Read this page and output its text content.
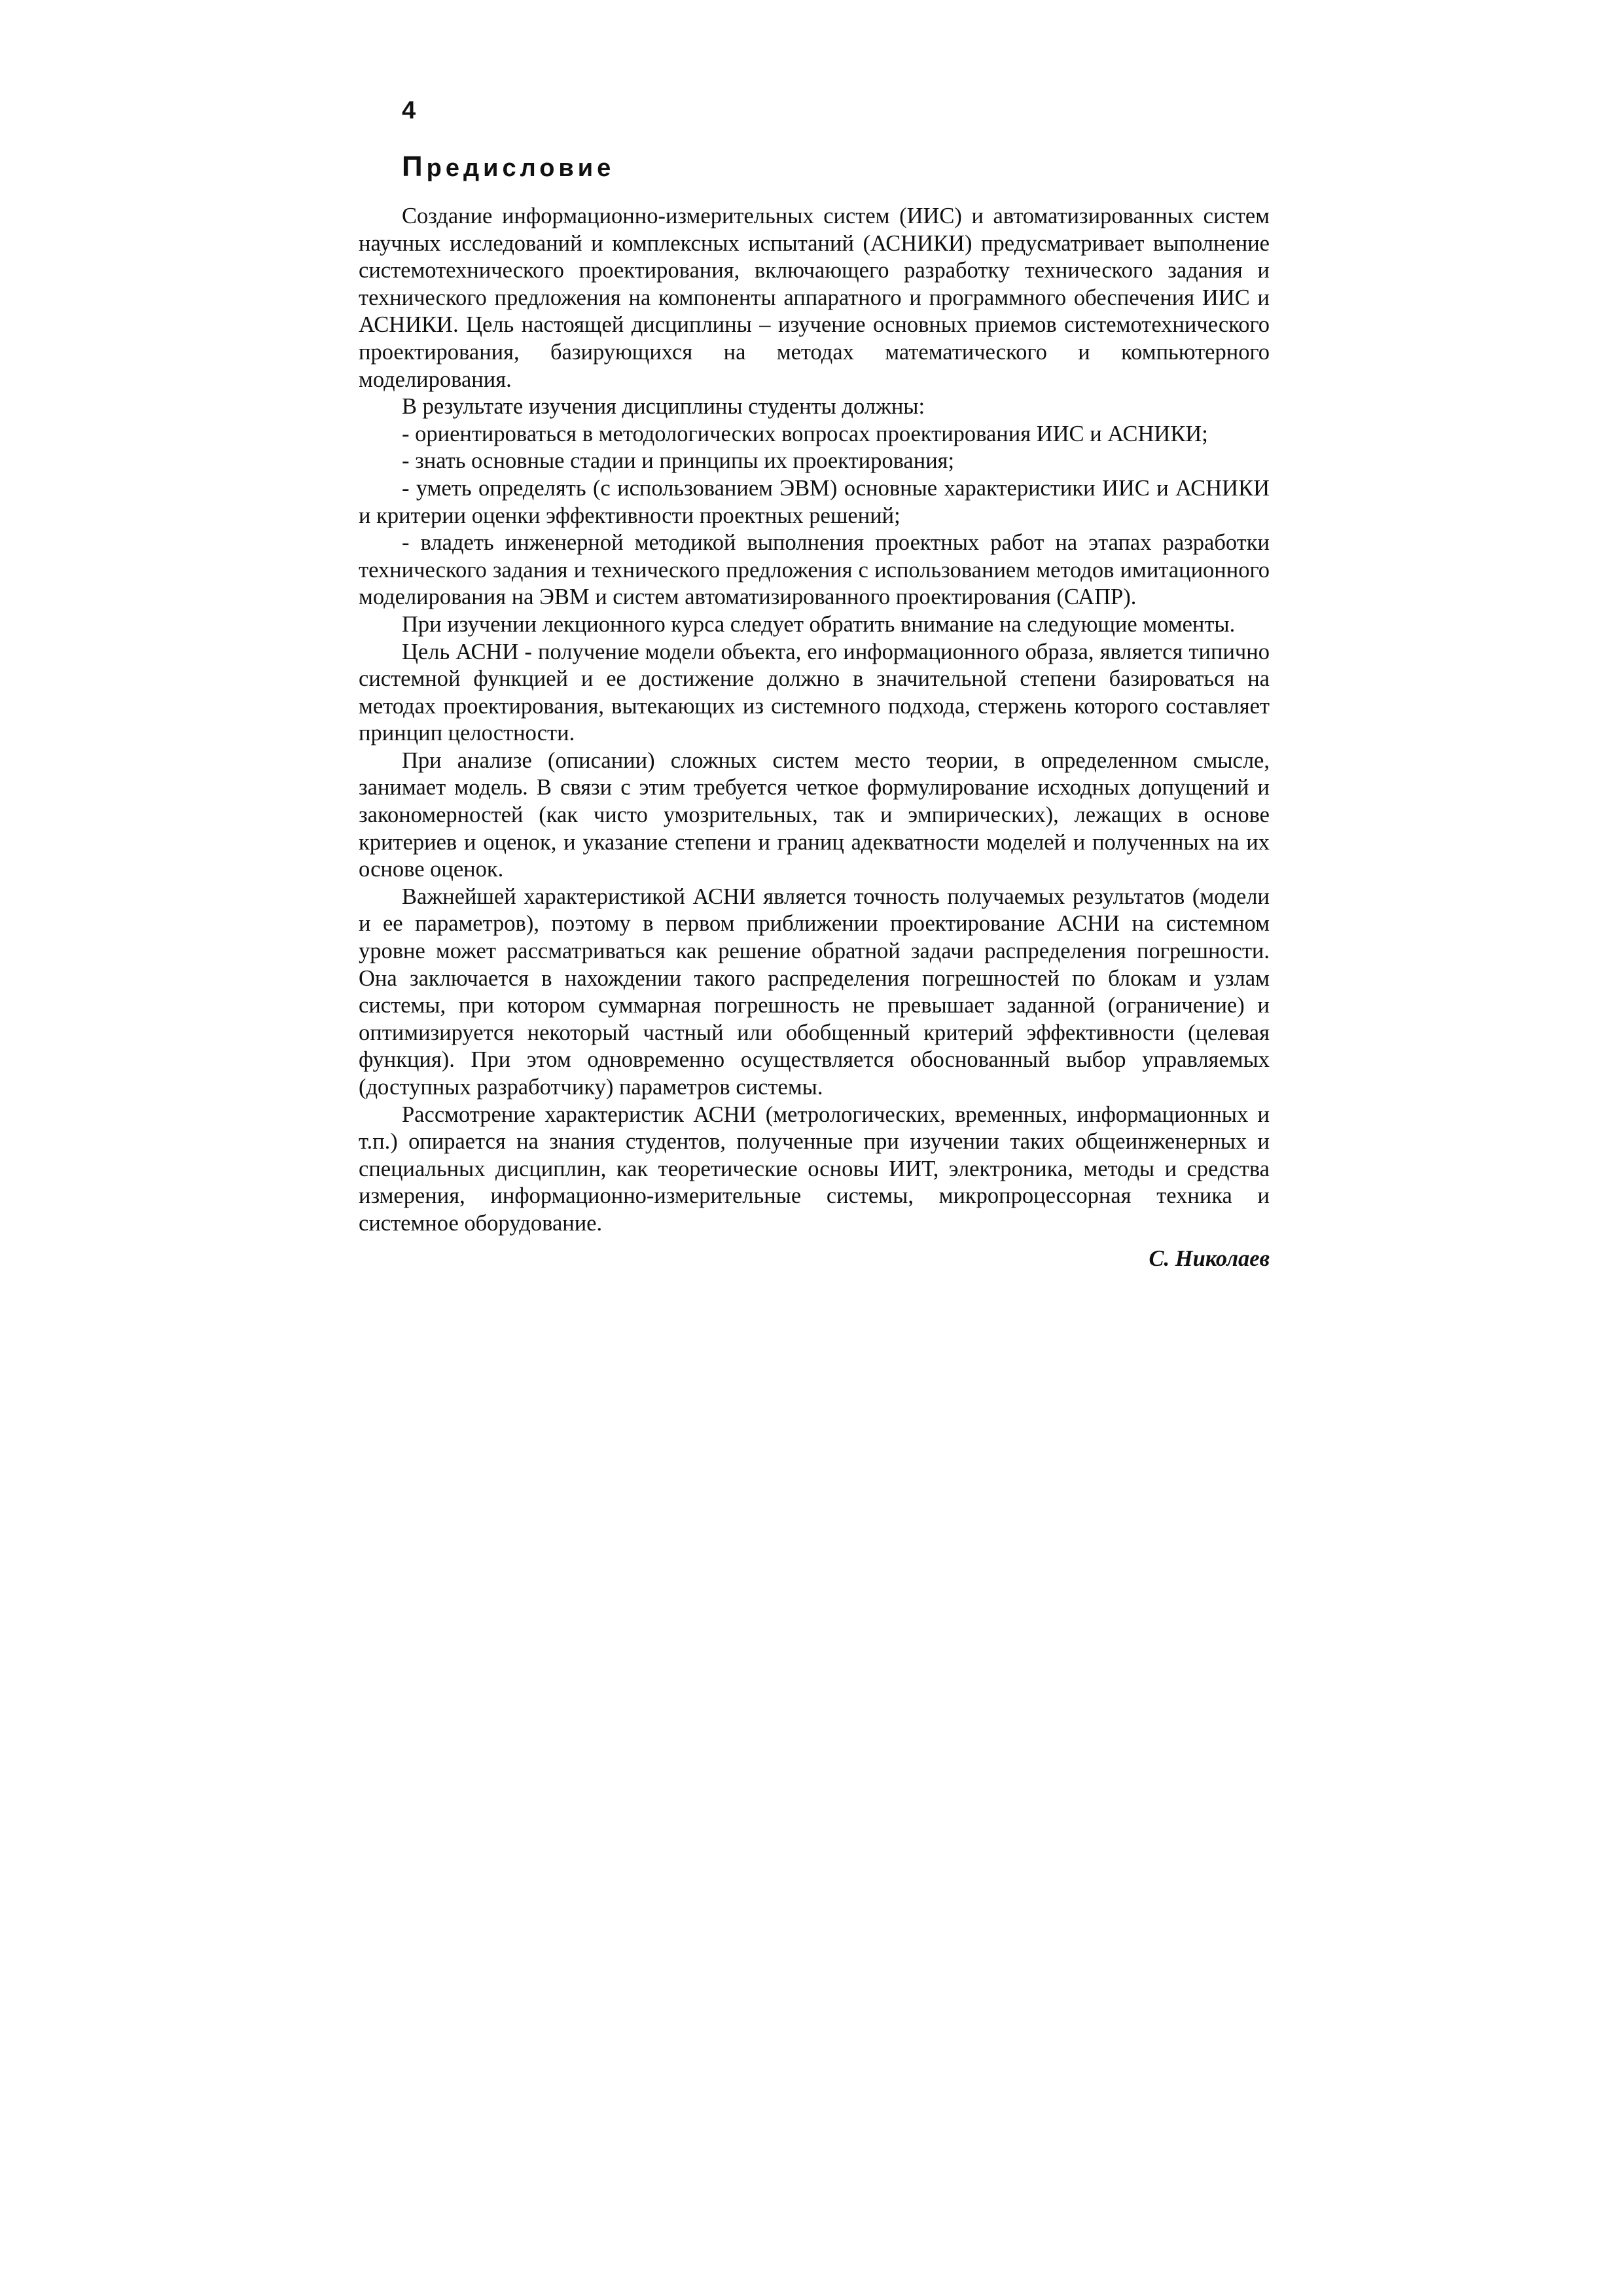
4
Предисловие

Создание информационно-измерительных систем (ИИС) и автоматизированных систем научных исследований и комплексных испытаний (АСНИКИ) предусматривает выполнение системотехнического проектирования, включающего разработку технического задания и технического предложения на компоненты аппаратного и программного обеспечения ИИС и АСНИКИ. Цель настоящей дисциплины – изучение основных приемов системотехнического проектирования, базирующихся на методах математического и компьютерного моделирования.

В результате изучения дисциплины студенты должны:

- ориентироваться в методологических вопросах проектирования ИИС и АСНИКИ;

- знать основные стадии и принципы их проектирования;

- уметь определять (с использованием ЭВМ) основные характеристики ИИС и АСНИКИ и критерии оценки эффективности проектных решений;

- владеть инженерной методикой выполнения проектных работ на этапах разработки технического задания и технического предложения с использованием методов имитационного моделирования на ЭВМ и систем автоматизированного проектирования (САПР).

При изучении лекционного курса следует обратить внимание на следующие моменты.

Цель АСНИ - получение модели объекта, его информационного образа, является типично системной функцией и ее достижение должно в значительной степени базироваться на методах проектирования, вытекающих из системного подхода, стержень которого составляет принцип целостности.

При анализе (описании) сложных систем место теории, в определенном смысле, занимает модель. В связи с этим требуется четкое формулирование исходных допущений и закономерностей (как чисто умозрительных, так и эмпирических), лежащих в основе критериев и оценок, и указание степени и границ адекватности моделей и полученных на их основе оценок.

Важнейшей характеристикой АСНИ является точность получаемых результатов (модели и ее параметров), поэтому в первом приближении проектирование АСНИ на системном уровне может рассматриваться как решение обратной задачи распределения погрешности. Она заключается в нахождении такого распределения погрешностей по блокам и узлам системы, при котором суммарная погрешность не превышает заданной (ограничение) и оптимизируется некоторый частный или обобщенный критерий эффективности (целевая функция). При этом одновременно осуществляется обоснованный выбор управляемых (доступных разработчику) параметров системы.

Рассмотрение характеристик АСНИ (метрологических, временных, информационных и т.п.) опирается на знания студентов, полученные при изучении таких общеинженерных и специальных дисциплин, как теоретические основы ИИТ, электроника, методы и средства измерения, информационно-измерительные системы, микропроцессорная техника и системное оборудование.

С. Николаев
